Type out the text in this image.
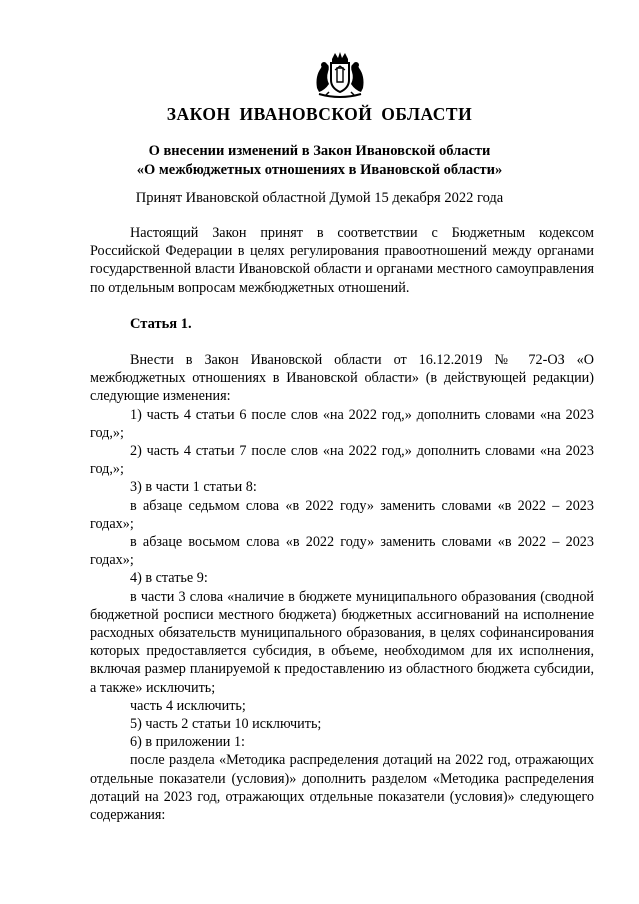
ЗАКОН ИВАНОВСКОЙ ОБЛАСТИ
О внесении изменений в Закон Ивановской области
«О межбюджетных отношениях в Ивановской области»
Принят Ивановской областной Думой 15 декабря 2022 года

Настоящий Закон принят в соответствии с Бюджетным кодексом Российской Федерации в целях регулирования правоотношений между органами государственной власти Ивановской области и органами местного самоуправления по отдельным вопросам межбюджетных отношений.

Статья 1.

Внести в Закон Ивановской области от 16.12.2019 № 72-ОЗ «О межбюджетных отношениях в Ивановской области» (в действующей редакции) следующие изменения:

1) часть 4 статьи 6 после слов «на 2022 год,» дополнить словами «на 2023 год,»;

2) часть 4 статьи 7 после слов «на 2022 год,» дополнить словами «на 2023 год,»;

3) в части 1 статьи 8:

в абзаце седьмом слова «в 2022 году» заменить словами «в 2022 – 2023 годах»;

в абзаце восьмом слова «в 2022 году» заменить словами «в 2022 – 2023 годах»;

4) в статье 9:

в части 3 слова «наличие в бюджете муниципального образования (сводной бюджетной росписи местного бюджета) бюджетных ассигнований на исполнение расходных обязательств муниципального образования, в целях софинансирования которых предоставляется субсидия, в объеме, необходимом для их исполнения, включая размер планируемой к предоставлению из областного бюджета субсидии, а также» исключить;

часть 4 исключить;

5) часть 2 статьи 10 исключить;

6) в приложении 1:

после раздела «Методика распределения дотаций на 2022 год, отражающих отдельные показатели (условия)» дополнить разделом «Методика распределения дотаций на 2023 год, отражающих отдельные показатели (условия)» следующего содержания:
